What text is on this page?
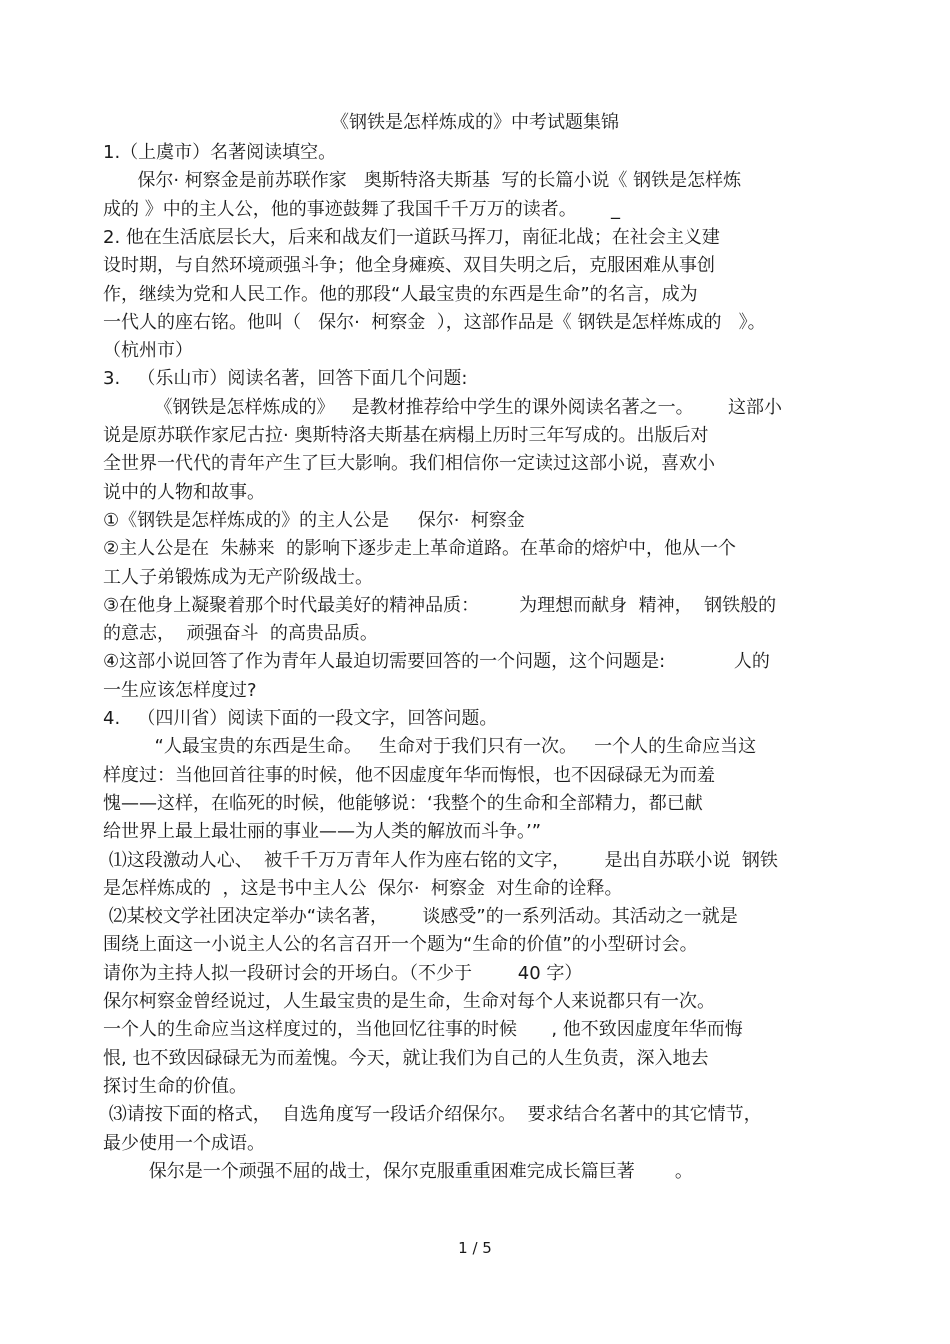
《钢铁是怎样炼成的》中考试题集锦
1.（上虞市）名著阅读填空。
保尔· 柯察金是前苏联作家   奥斯特洛夫斯基  写的长篇小说《 钢铁是怎样炼
成的 》中的主人公，他的事迹鼓舞了我国千千万万的读者。      _
2. 他在生活底层长大，后来和战友们一道跃马挥刀，南征北战；在社会主义建
设时期，与自然环境顽强斗争；他全身瘫痪、双目失明之后，克服困难从事创
作，继续为党和人民工作。他的那段“人最宝贵的东西是生命”的名言，成为
一代人的座右铭。他叫（   保尔·  柯察金  ），这部作品是《 钢铁是怎样炼成的   》。
（杭州市）
3.   （乐山市）阅读名著，回答下面几个问题:
《钢铁是怎样炼成的》   是教材推荐给中学生的课外阅读名著之一。      这部小
说是原苏联作家尼古拉· 奥斯特洛夫斯基在病榻上历时三年写成的。出版后对
全世界一代代的青年产生了巨大影响。我们相信你一定读过这部小说，喜欢小
说中的人物和故事。
①《钢铁是怎样炼成的》的主人公是     保尔·  柯察金
②主人公是在  朱赫来  的影响下逐步走上革命道路。在革命的熔炉中，他从一个
工人子弟锻炼成为无产阶级战士。
③在他身上凝聚着那个时代最美好的精神品质：       为理想而献身  精神，  钢铁般的
的意志，  顽强奋斗  的高贵品质。
④这部小说回答了作为青年人最迫切需要回答的一个问题，这个问题是:            人的
一生应该怎样度过?
4.   （四川省）阅读下面的一段文字，回答问题。
“人最宝贵的东西是生命。   生命对于我们只有一次。   一个人的生命应当这
样度过：当他回首往事的时候，他不因虚度年华而悔恨，也不因碌碌无为而羞
愧——这样，在临死的时候，他能够说：‘我整个的生命和全部精力，都已献
给世界上最上最壮丽的事业——为人类的解放而斗争。’”
⑴这段激动人心、  被千千万万青年人作为座右铭的文字，      是出自苏联小说  钢铁
是怎样炼成的  ，这是书中主人公  保尔·  柯察金  对生命的诠释。
⑵某校文学社团决定举办“读名著，      谈感受”的一系列活动。其活动之一就是
围绕上面这一小说主人公的名言召开一个题为“生命的价值”的小型研讨会。
请你为主持人拟一段研讨会的开场白。（不少于        40 字）
保尔柯察金曾经说过，人生最宝贵的是生命，生命对每个人来说都只有一次。
一个人的生命应当这样度过的，当他回忆往事的时候      , 他不致因虚度年华而悔
恨, 也不致因碌碌无为而羞愧。今天，就让我们为自己的人生负责，深入地去
探讨生命的价值。
⑶请按下面的格式，  自选角度写一段话介绍保尔。  要求结合名著中的其它情节，
最少使用一个成语。
保尔是一个顽强不屈的战士，保尔克服重重困难完成长篇巨著       。
1 / 5
